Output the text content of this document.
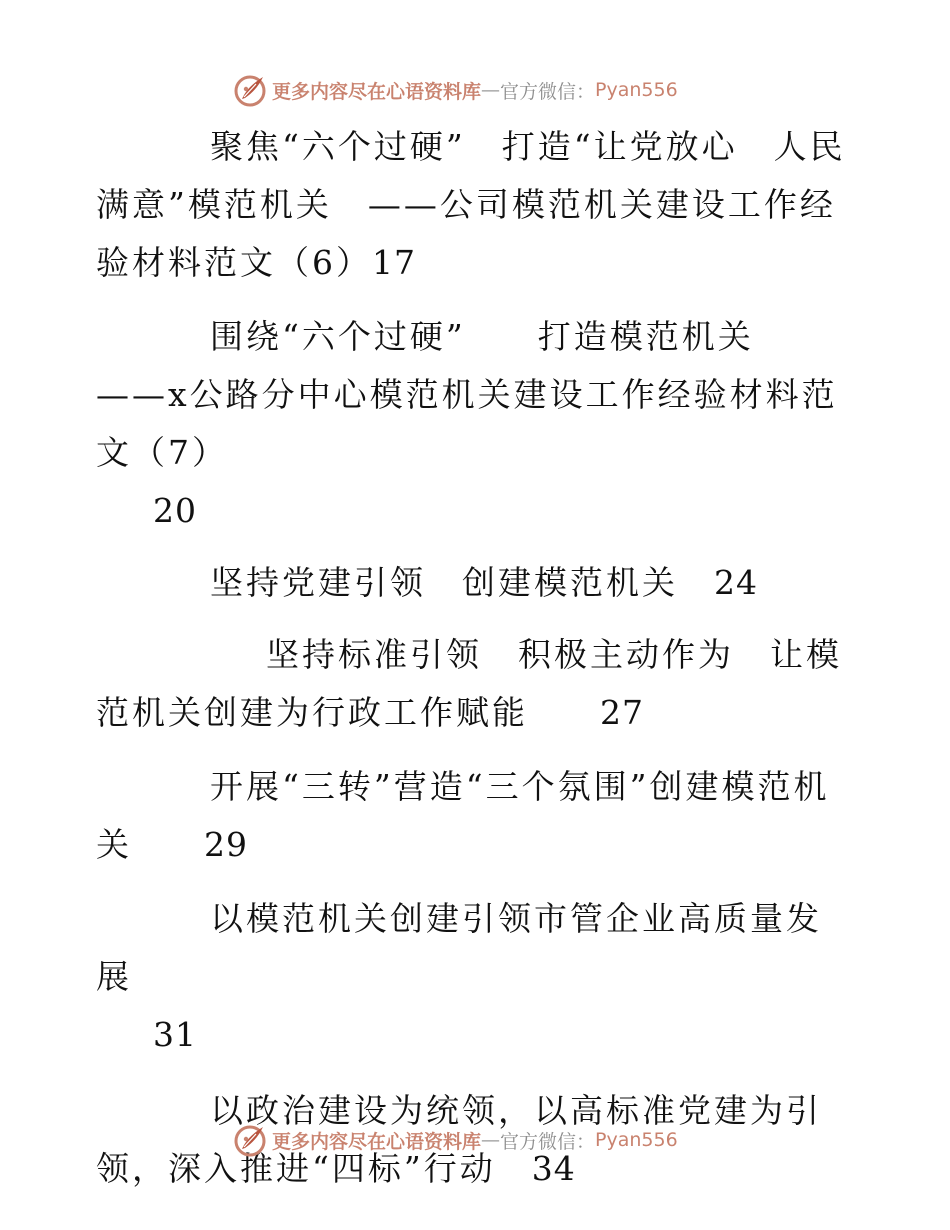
更多内容尽在心语资料库 — 官方微信： Pyan556

聚焦“六个过硬”　打造“让党放心　人民满意”模范机关　——公司模范机关建设工作经验材料范文（6）17

围绕“六个过硬”　　打造模范机关　——x公路分中心模范机关建设工作经验材料范文（7）
20

坚持党建引领　创建模范机关　 24

坚持标准引领　积极主动作为　让模范机关创建为行政工作赋能　　 27

开展“三转”营造“三个氛围”创建模范机关　　 29

以模范机关创建引领市管企业高质量发展
31

以政治建设为统领，以高标准党建为引领，深入推进“四标”行动　 34

更多内容尽在心语资料库 — 官方微信： Pyan556
